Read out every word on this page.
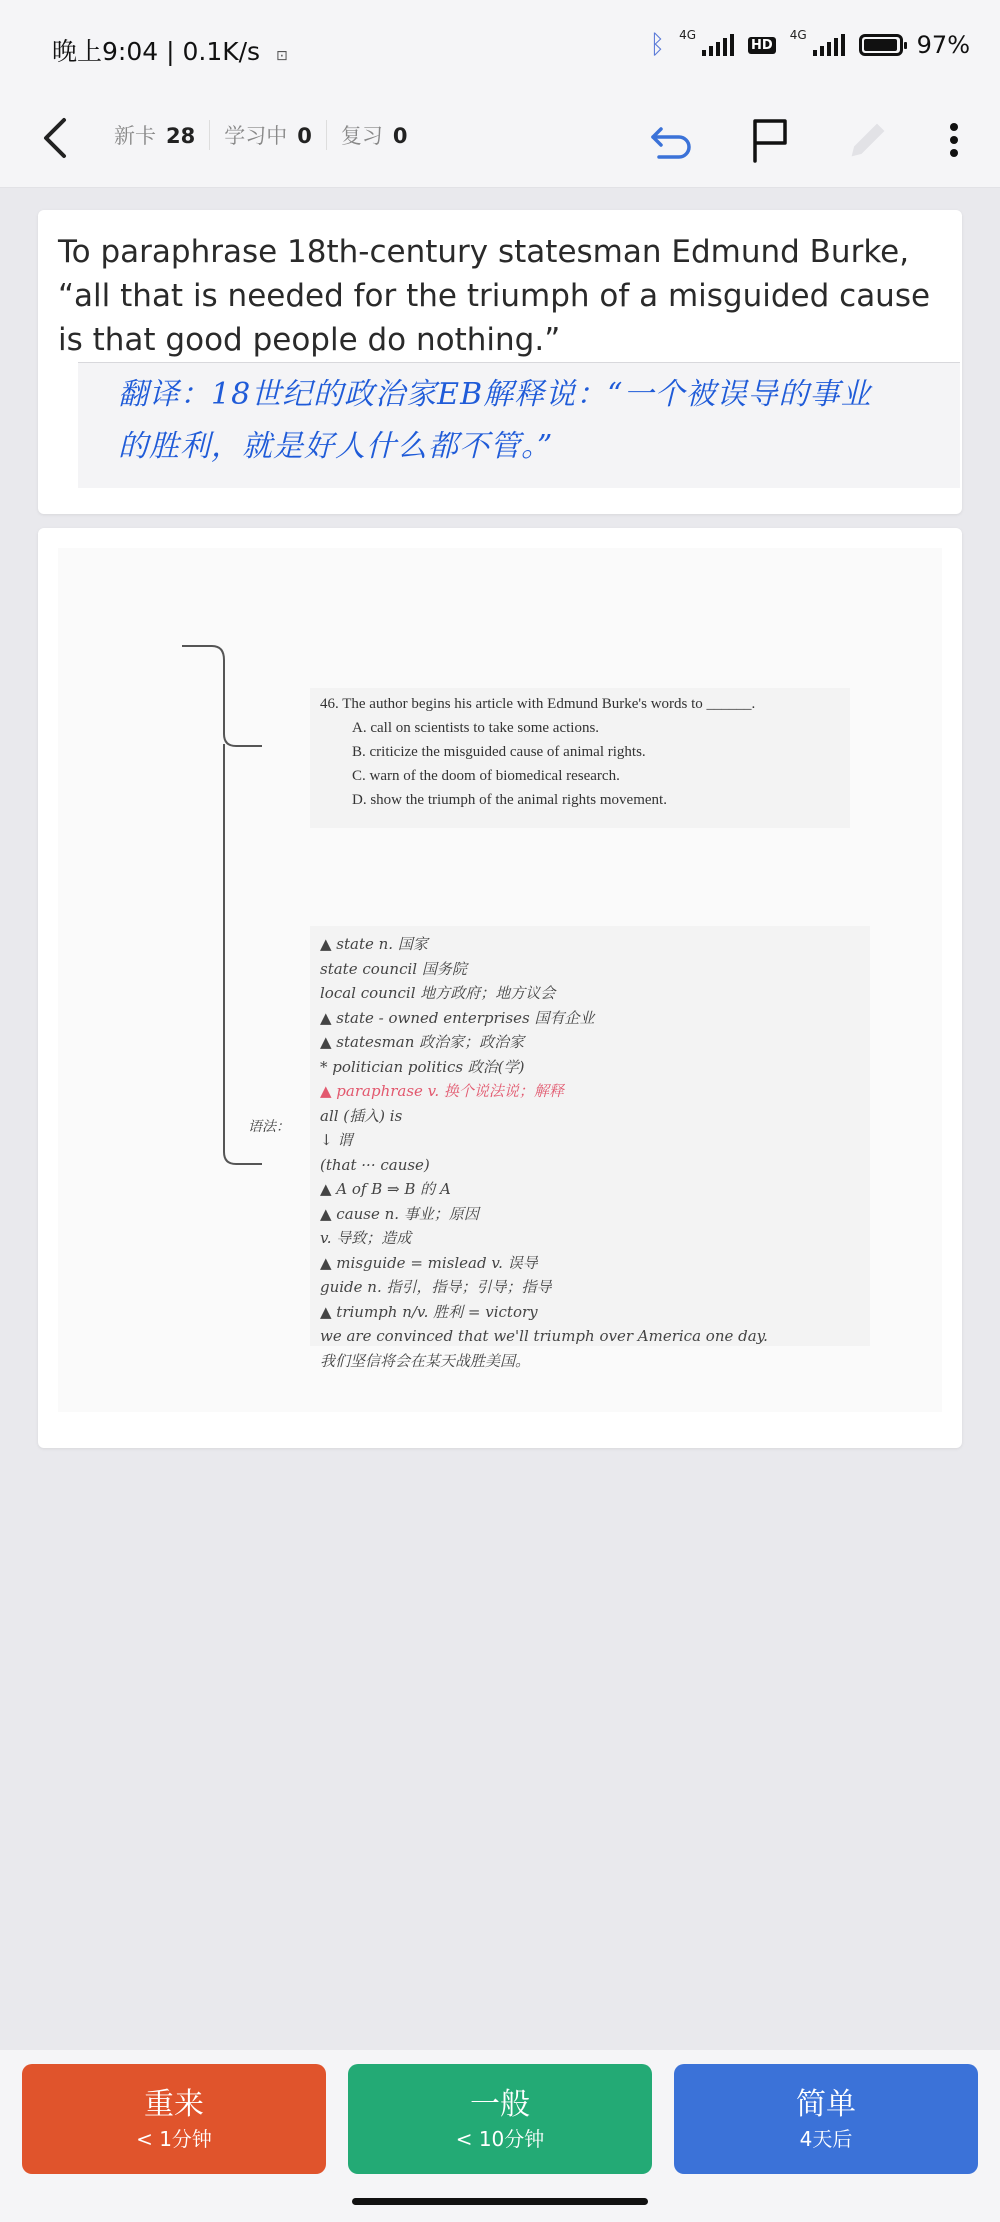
晚上9:04 | 0.1K/s ⊡	ᛒ 4G
HD
4G	97%
新卡 28 学习中 0 复习 0
To paraphrase 18th-century statesman Edmund Burke, “all that is needed for the triumph of a misguided cause is that good people do nothing.”
翻译：18世纪的政治家EB解释说：“一个被误导的事业
的胜利，就是好人什么都不管。”
46. The author begins his article with Edmund Burke's words to ______.
A. call on scientists to take some actions.
B. criticize the misguided cause of animal rights.
C. warn of the doom of biomedical research.
D. show the triumph of the animal rights movement.
语法：
▲ state n. 国家
state council 国务院
local council 地方政府；地方议会
▲ state - owned enterprises 国有企业
▲ statesman 政治家；政治家
* politician politics 政治(学)
▲ paraphrase v. 换个说法说；解释
all (插入) is
↓ 谓
(that ··· cause)
▲ A of B ⇒ B 的 A
▲ cause n. 事业；原因
v. 导致；造成
▲ misguide = mislead v. 误导
guide n. 指引，指导；引导；指导
▲ triumph n/v. 胜利 = victory
we are convinced that we'll triumph over America one day.
我们坚信将会在某天战胜美国。
重来
< 1分钟
一般
< 10分钟
简单
4天后
